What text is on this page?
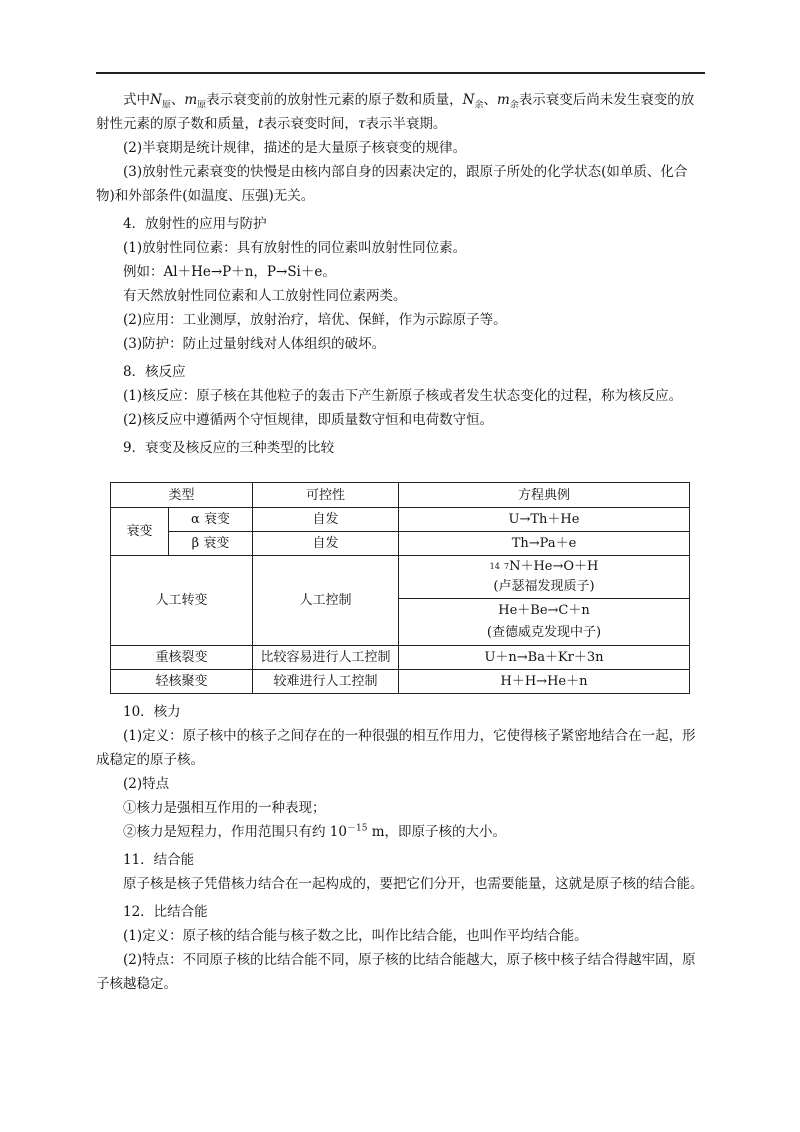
式中$N_原$、$m_原$表示衰变前的放射性元素的原子数和质量，$N_余$、$m_余$表示衰变后尚未发生衰变的放射性元素的原子数和质量，t表示衰变时间，τ表示半衰期。

(2)半衰期是统计规律，描述的是大量原子核衰变的规律。

(3)放射性元素衰变的快慢是由核内部自身的因素决定的，跟原子所处的化学状态(如单质、化合物)和外部条件(如温度、压强)无关。

4．放射性的应用与防护

(1)放射性同位素：具有放射性的同位素叫放射性同位素。

例如：Al＋He→P＋n，P→Si＋e。

有天然放射性同位素和人工放射性同位素两类。

(2)应用：工业测厚，放射治疗，培优、保鲜，作为示踪原子等。

(3)防护：防止过量射线对人体组织的破坏。

8．核反应

(1)核反应：原子核在其他粒子的轰击下产生新原子核或者发生状态变化的过程，称为核反应。

(2)核反应中遵循两个守恒规律，即质量数守恒和电荷数守恒。

9．衰变及核反应的三种类型的比较

类型		可控性	方程典例
衰变	α 衰变	自发	U→Th＋He
	β 衰变	自发	Th→Pa＋e
人工转变		人工控制	$^{14}$ $^7$N＋He→O＋H
(卢瑟福发现质子)
			He＋Be→C＋n
(查德威克发现中子)
重核裂变		比较容易进行人工控制	U＋n→Ba＋Kr＋3n
轻核聚变		较难进行人工控制	H＋H→He＋n

10．核力

(1)定义：原子核中的核子之间存在的一种很强的相互作用力，它使得核子紧密地结合在一起，形成稳定的原子核。

(2)特点

①核力是强相互作用的一种表现；

②核力是短程力，作用范围只有约 $10^{-15}$ m，即原子核的大小。

11．结合能

原子核是核子凭借核力结合在一起构成的，要把它们分开，也需要能量，这就是原子核的结合能。

12．比结合能

(1)定义：原子核的结合能与核子数之比，叫作比结合能，也叫作平均结合能。

(2)特点：不同原子核的比结合能不同，原子核的比结合能越大，原子核中核子结合得越牢固，原子核越稳定。
